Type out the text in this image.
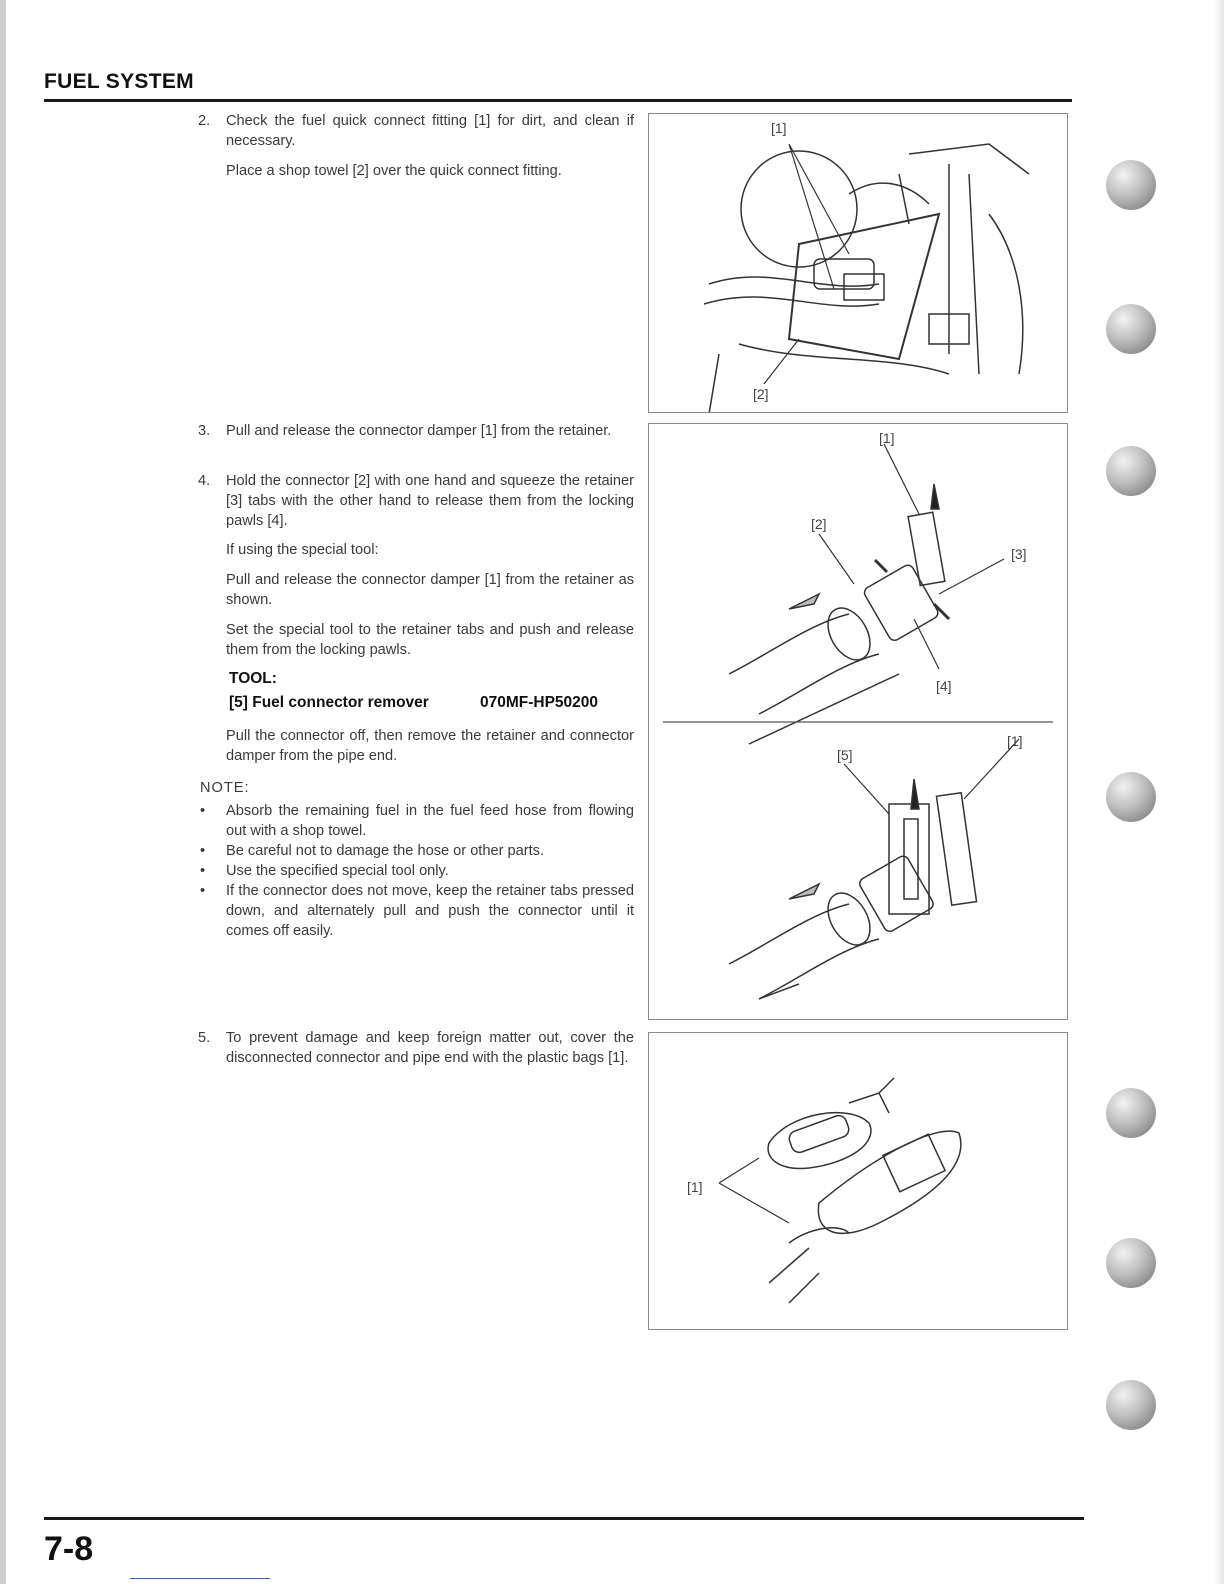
FUEL SYSTEM
2. Check the fuel quick connect fitting [1] for dirt, and clean if necessary.
Place a shop towel [2] over the quick connect fitting.
3. Pull and release the connector damper [1] from the retainer.
4. Hold the connector [2] with one hand and squeeze the retainer [3] tabs with the other hand to release them from the locking pawls [4].
If using the special tool:
Pull and release the connector damper [1] from the retainer as shown.
Set the special tool to the retainer tabs and push and release them from the locking pawls.
TOOL:
[5] Fuel connector remover	070MF-HP50200
Pull the connector off, then remove the retainer and connector damper from the pipe end.
NOTE:
• Absorb the remaining fuel in the fuel feed hose from flowing out with a shop towel.
• Be careful not to damage the hose or other parts.
• Use the specified special tool only.
• If the connector does not move, keep the retainer tabs pressed down, and alternately pull and push the connector until it comes off easily.
5. To prevent damage and keep foreign matter out, cover the disconnected connector and pipe end with the plastic bags [1].
[1]
[2]
[1]
[2]
[3]
[4]
[5]
[1]
[1]
7-8
